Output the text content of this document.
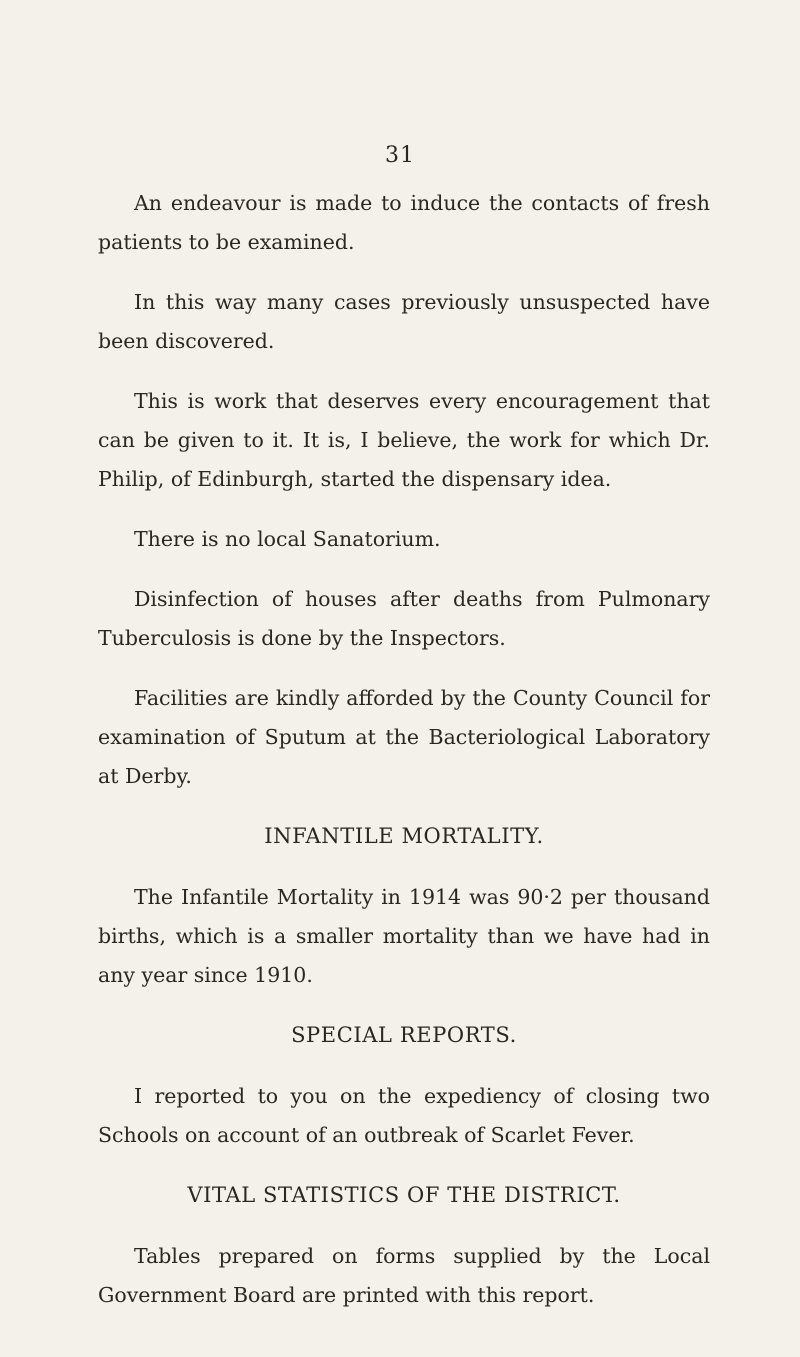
31

An endeavour is made to induce the contacts of fresh patients to be examined.

In this way many cases previously unsuspected have been discovered.

This is work that deserves every encouragement that can be given to it. It is, I believe, the work for which Dr. Philip, of Edinburgh, started the dispensary idea.

There is no local Sanatorium.

Disinfection of houses after deaths from Pulmonary Tuberculosis is done by the Inspectors.

Facilities are kindly afforded by the County Council for examination of Sputum at the Bacteriological Laboratory at Derby.

INFANTILE MORTALITY.

The Infantile Mortality in 1914 was 90·2 per thousand births, which is a smaller mortality than we have had in any year since 1910.

SPECIAL REPORTS.

I reported to you on the expediency of closing two Schools on account of an outbreak of Scarlet Fever.

VITAL STATISTICS OF THE DISTRICT.

Tables prepared on forms supplied by the Local Government Board are printed with this report.
